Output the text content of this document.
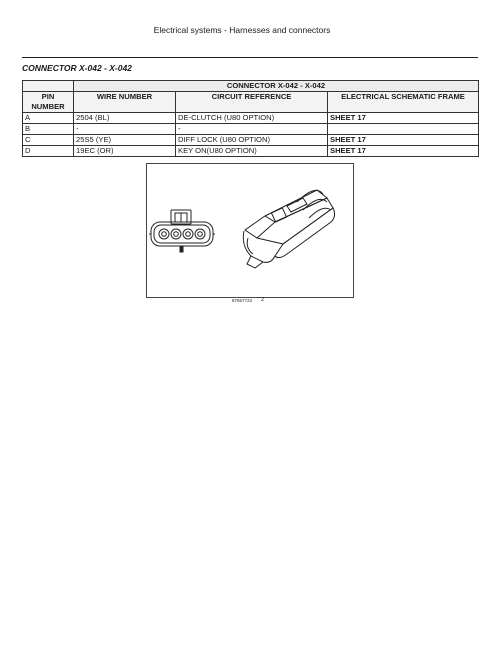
Electrical systems - Harnesses and connectors
CONNECTOR X-042 - X-042
	CONNECTOR X-042 - X-042		
PIN NUMBER	WIRE NUMBER	CIRCUIT REFERENCE	ELECTRICAL SCHEMATIC FRAME
A	2504 (BL)	DE-CLUTCH (U80 OPTION)	SHEET 17
B	-	-	
C	25S5 (YE)	DIFF LOCK (U80 OPTION)	SHEET 17
D	19EC (OR)	KEY ON(U80 OPTION)	SHEET 17
87657723 2
